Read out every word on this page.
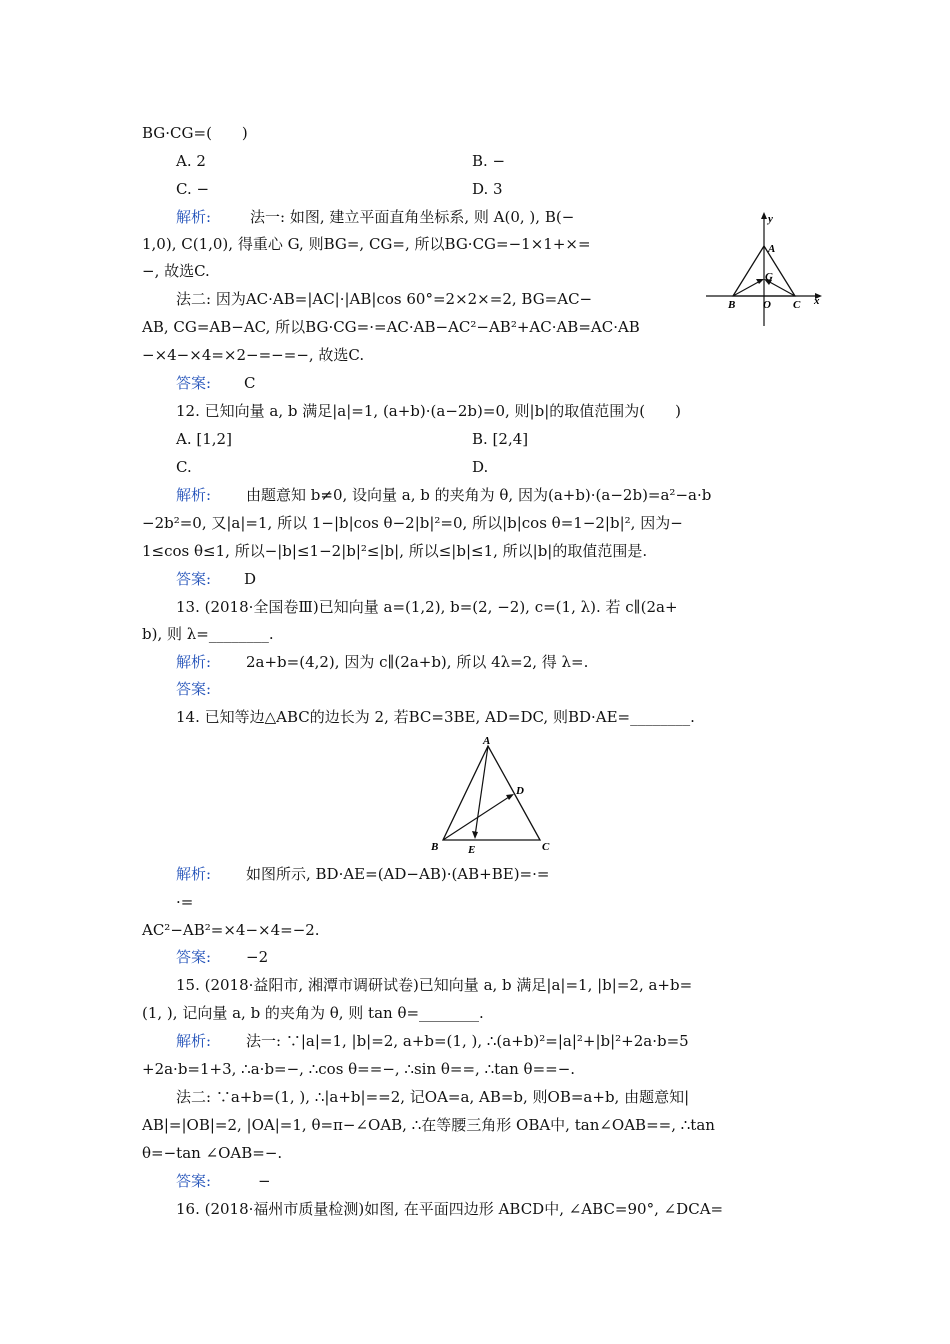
BG·CG=(　　)
A. 2	B. −
C. −	D. 3
解析:	法一: 如图, 建立平面直角坐标系, 则 A(0, ), B(−
1,0), C(1,0), 得重心 G, 则BG=, CG=, 所以BG·CG=−1×1+×=
−, 故选C.
法二: 因为AC·AB=|AC|·|AB|cos 60°=2×2×=2, BG=AC−
AB, CG=AB−AC, 所以BG·CG=·=AC·AB−AC²−AB²+AC·AB=AC·AB
−×4−×4=×2−=−=−, 故选C.
答案: C
y
A
G
B	O C x
12. 已知向量 a, b 满足|a|=1, (a+b)·(a−2b)=0, 则|b|的取值范围为(　　)
A. [1,2]	B. [2,4]
C.	D.
解析: 由题意知 b≠0, 设向量 a, b 的夹角为 θ, 因为(a+b)·(a−2b)=a²−a·b
−2b²=0, 又|a|=1, 所以 1−|b|cos θ−2|b|²=0, 所以|b|cos θ=1−2|b|², 因为−
1≤cos θ≤1, 所以−|b|≤1−2|b|²≤|b|, 所以≤|b|≤1, 所以|b|的取值范围是.
答案: D
13. (2018·全国卷Ⅲ)已知向量 a=(1,2), b=(2, −2), c=(1, λ). 若 c∥(2a+
b), 则 λ=________.
解析: 2a+b=(4,2), 因为 c∥(2a+b), 所以 4λ=2, 得 λ=.
答案:
14. 已知等边△ABC的边长为 2, 若BC=3BE, AD=DC, 则BD·AE=________.
A
D
B	E	C
解析: 如图所示, BD·AE=(AD−AB)·(AB+BE)=·=
·=
AC²−AB²=×4−×4=−2.
答案: −2
15. (2018·益阳市, 湘潭市调研试卷)已知向量 a, b 满足|a|=1, |b|=2, a+b=
(1, ), 记向量 a, b 的夹角为 θ, 则 tan θ=________.
解析: 法一: ∵|a|=1, |b|=2, a+b=(1, ), ∴(a+b)²=|a|²+|b|²+2a·b=5
+2a·b=1+3, ∴a·b=−, ∴cos θ==−, ∴sin θ==, ∴tan θ==−.
法二: ∵a+b=(1, ), ∴|a+b|==2, 记OA=a, AB=b, 则OB=a+b, 由题意知|
AB|=|OB|=2, |OA|=1, θ=π−∠OAB, ∴在等腰三角形 OBA中, tan∠OAB==, ∴tan
θ=−tan ∠OAB=−.
答案:	−
16. (2018·福州市质量检测)如图, 在平面四边形 ABCD中, ∠ABC=90°, ∠DCA=
